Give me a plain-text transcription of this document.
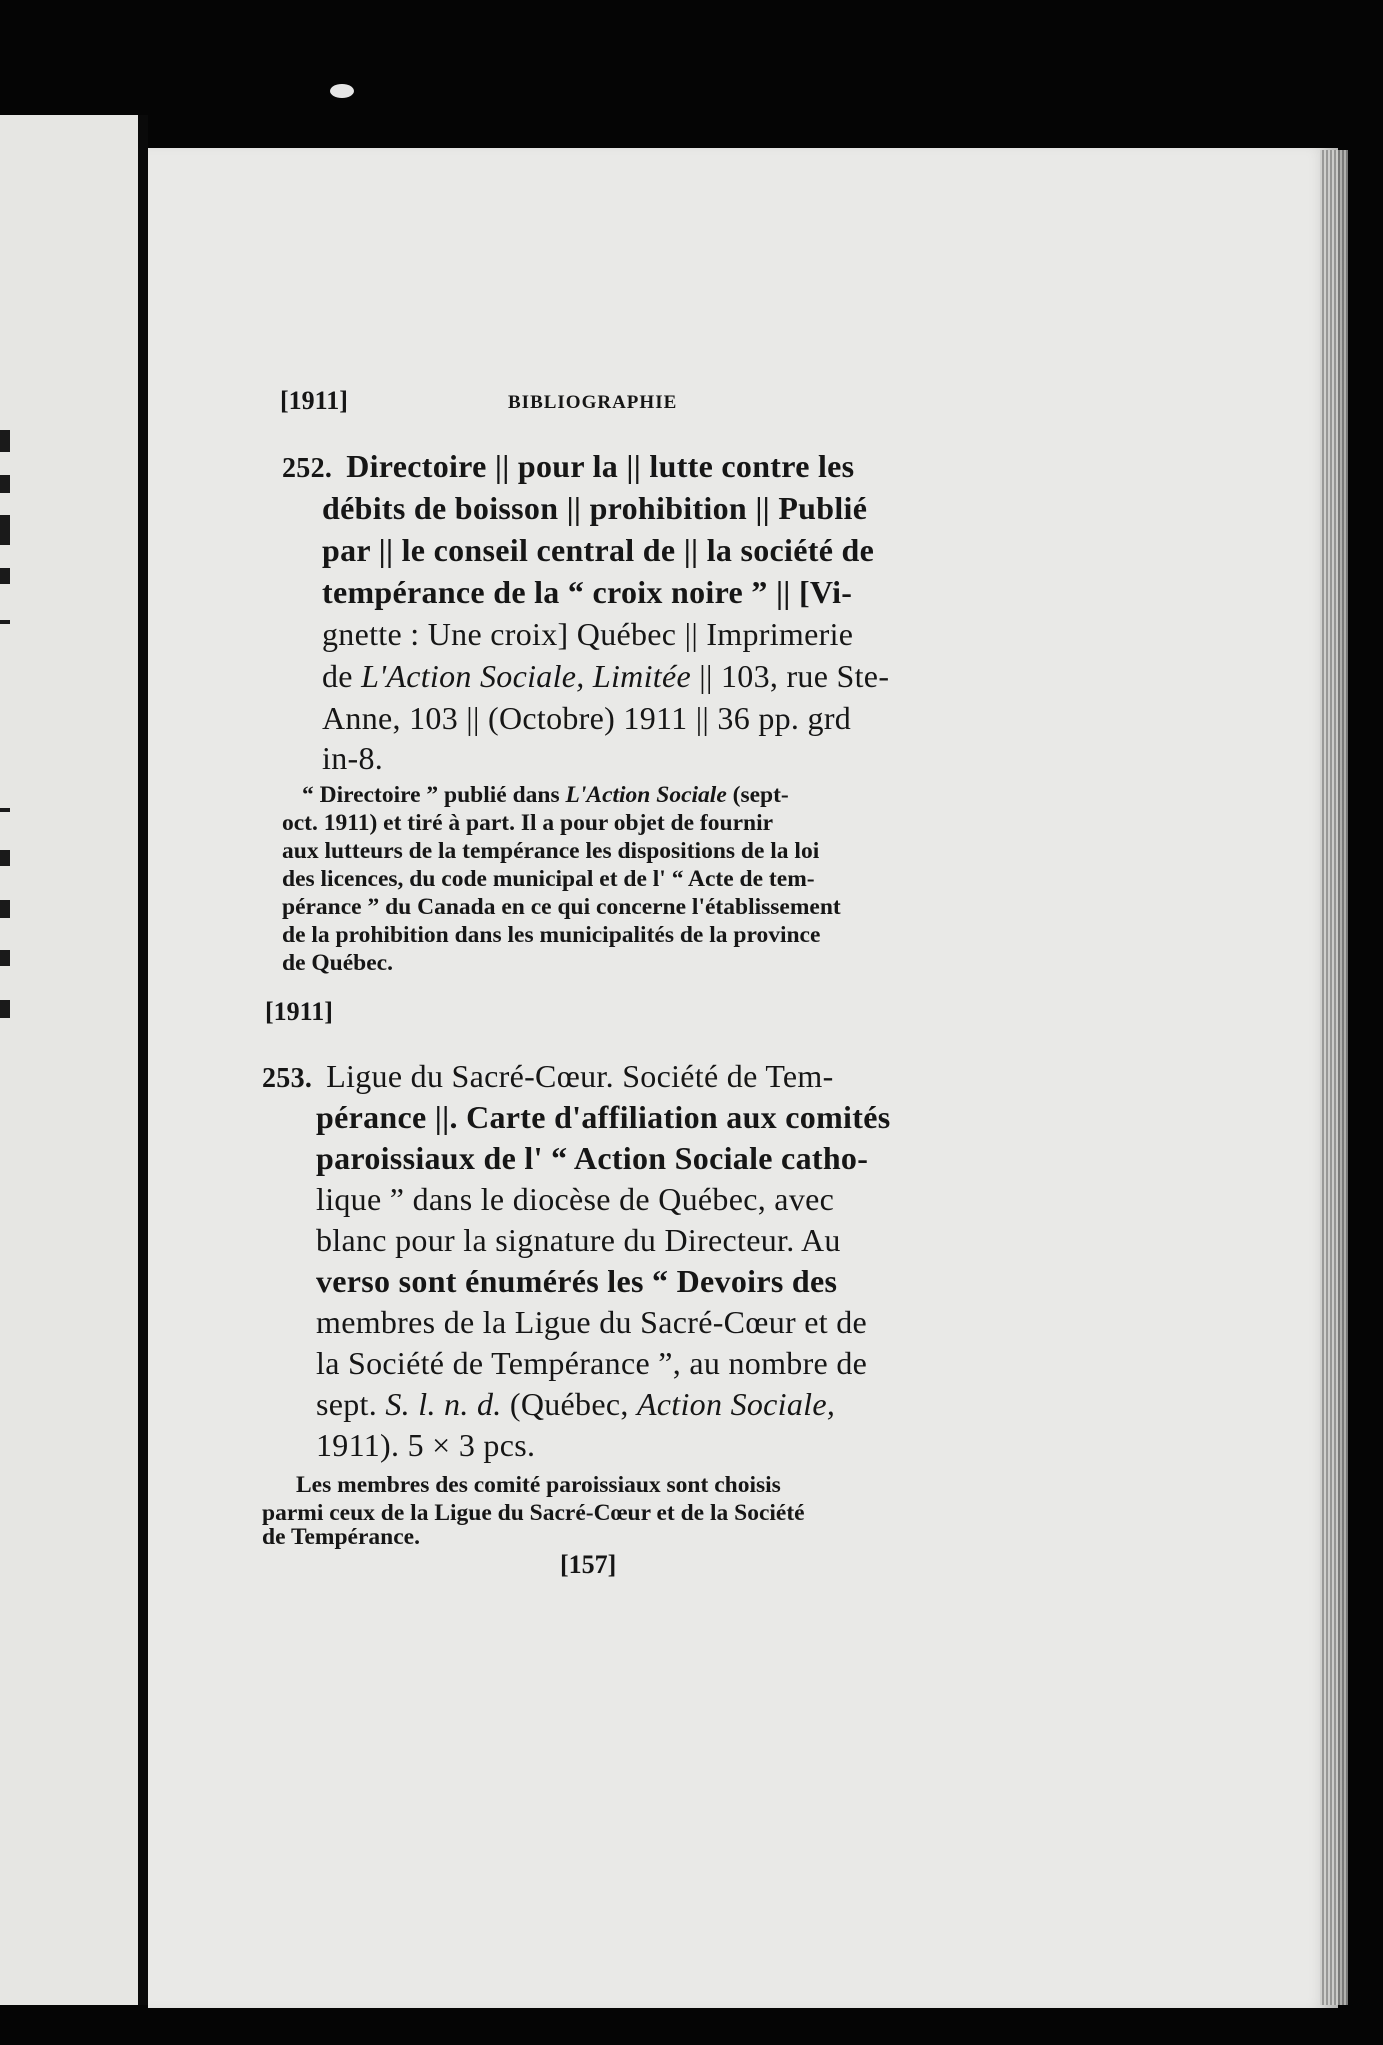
[1911]	BIBLIOGRAPHIE
252. Directoire || pour la || lutte contre les
débits de boisson || prohibition || Publié
par || le conseil central de || la société de
tempérance de la “ croix noire ” || [Vi-
gnette : Une croix] Québec || Imprimerie
de L'Action Sociale, Limitée || 103, rue Ste-
Anne, 103 || (Octobre) 1911 || 36 pp. grd
in-8.
“ Directoire ” publié dans L'Action Sociale (sept-
oct. 1911) et tiré à part. Il a pour objet de fournir
aux lutteurs de la tempérance les dispositions de la loi
des licences, du code municipal et de l' “ Acte de tem-
pérance ” du Canada en ce qui concerne l'établissement
de la prohibition dans les municipalités de la province
de Québec.
[1911]
253. Ligue du Sacré-Cœur. Société de Tem-
pérance ||. Carte d'affiliation aux comités
paroissiaux de l' “ Action Sociale catho-
lique ” dans le diocèse de Québec, avec
blanc pour la signature du Directeur. Au
verso sont énumérés les “ Devoirs des
membres de la Ligue du Sacré-Cœur et de
la Société de Tempérance ”, au nombre de
sept. S. l. n. d. (Québec, Action Sociale,
1911). 5 × 3 pcs.
Les membres des comité paroissiaux sont choisis
parmi ceux de la Ligue du Sacré-Cœur et de la Société
de Tempérance.
[157]
